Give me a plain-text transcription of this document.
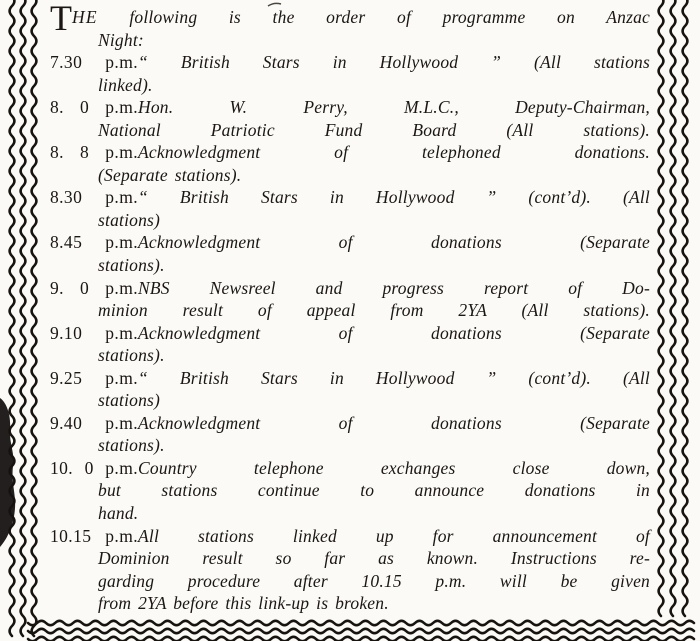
THE following is the order of programme on Anzac
Night:
7.30 p.m.“ British Stars in Hollywood ” (All stations
linked).
8. 0 p.m.Hon. W. Perry, M.L.C., Deputy-Chairman,
National Patriotic Fund Board (All stations).
8. 8 p.m.Acknowledgment of telephoned donations.
(Separate stations).
8.30 p.m.“ British Stars in Hollywood ” (cont’d). (All
stations)
8.45 p.m.Acknowledgment of donations (Separate
stations).
9. 0 p.m.NBS Newsreel and progress report of Do-
minion result of appeal from 2YA (All stations).
9.10 p.m.Acknowledgment of donations (Separate
stations).
9.25 p.m.“ British Stars in Hollywood ” (cont’d). (All
stations)
9.40 p.m.Acknowledgment of donations (Separate
stations).
10. 0 p.m.Country telephone exchanges close down,
but stations continue to announce donations in
hand.
10.15 p.m.All stations linked up for announcement of
Dominion result so far as known. Instructions re-
garding procedure after 10.15 p.m. will be given
from 2YA before this link-up is broken.
